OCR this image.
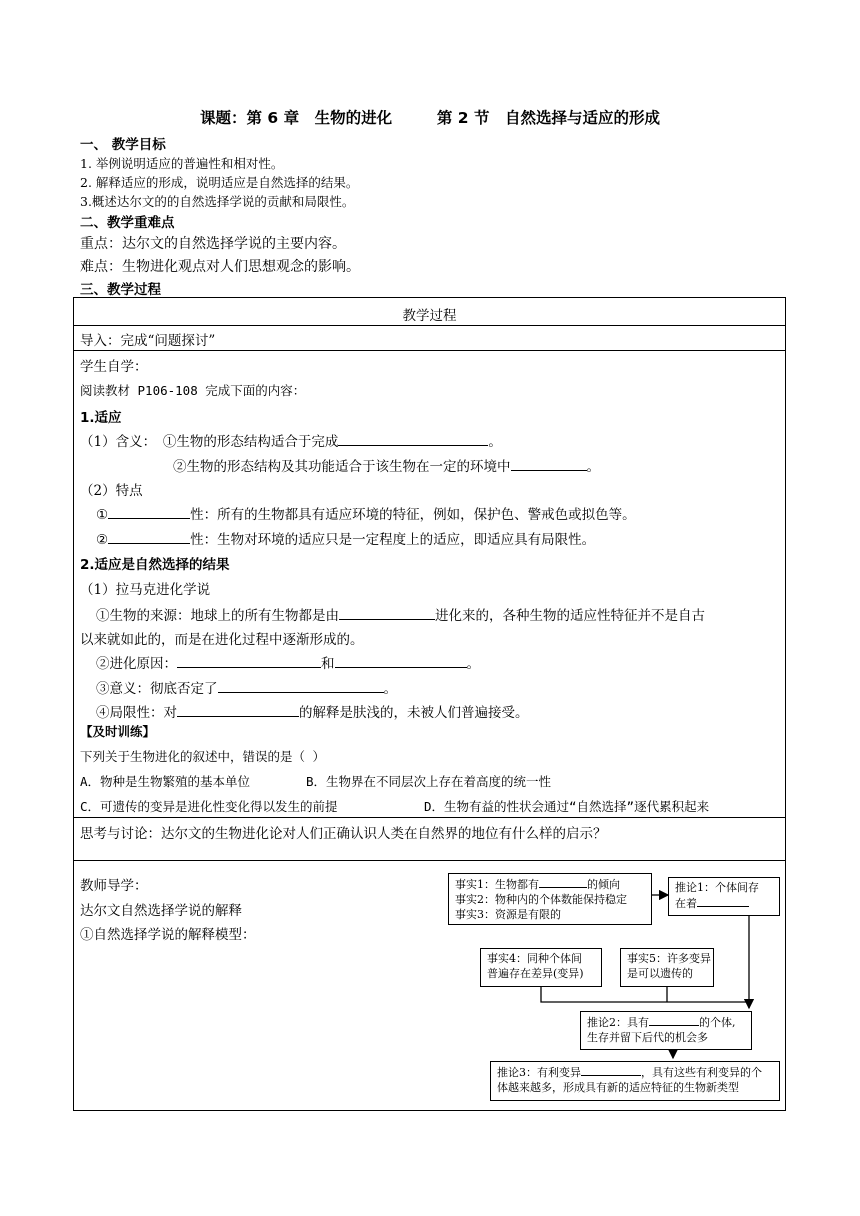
课题：第 6 章　生物的进化	第 2 节　自然选择与适应的形成
一、 教学目标
1. 举例说明适应的普遍性和相对性。
2. 解释适应的形成，说明适应是自然选择的结果。
3.概述达尔文的的自然选择学说的贡献和局限性。
二、教学重难点
重点：达尔文的自然选择学说的主要内容。
难点：生物进化观点对人们思想观念的影响。
三、教学过程
教学过程
导入：完成“问题探讨”
学生自学：
阅读教材 P106-108 完成下面的内容：
1.适应
（1）含义：　①生物的形态结构适合于完成	。
②生物的形态结构及其功能适合于该生物在一定的环境中	。
（2）特点
①	性：所有的生物都具有适应环境的特征，例如，保护色、警戒色或拟色等。
②	性：生物对环境的适应只是一定程度上的适应，即适应具有局限性。
2.适应是自然选择的结果
（1）拉马克进化学说
①生物的来源：地球上的所有生物都是由	进化来的，各种生物的适应性特征并不是自古
以来就如此的，而是在进化过程中逐渐形成的。
②进化原因：	和	。
③意义：彻底否定了	。
④局限性：对	的解释是肤浅的，未被人们普遍接受。
【及时训练】
下列关于生物进化的叙述中，错误的是（ ）
A．物种是生物繁殖的基本单位	B．生物界在不同层次上存在着高度的统一性
C．可遗传的变异是进化性变化得以发生的前提	D．生物有益的性状会通过“自然选择”逐代累积起来
思考与讨论：达尔文的生物进化论对人们正确认识人类在自然界的地位有什么样的启示？
教师导学：
达尔文自然选择学说的解释
①自然选择学说的解释模型：
事实1：生物都有	的倾向
事实2：物种内的个体数能保持稳定
事实3：资源是有限的
推论1：个体间存
在着
事实4：同种个体间
普遍存在差异(变异)
事实5：许多变异
是可以遗传的
推论2：具有	的个体,
生存并留下后代的机会多
推论3：有利变异	，具有这些有利变异的个
体越来越多，形成具有新的适应特征的生物新类型
